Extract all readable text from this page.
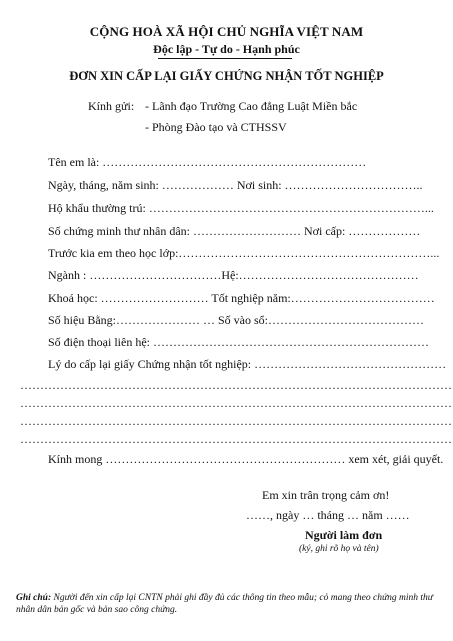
CỘNG HOÀ XÃ HỘI CHỦ NGHĨA VIỆT NAM
Độc lập - Tự do - Hạnh phúc
ĐƠN XIN CẤP LẠI GIẤY CHỨNG NHẬN TỐT NGHIỆP
Kính gửi: - Lãnh đạo Trường Cao đẳng Luật Miền bắc
- Phòng Đào tạo và CTHSSV
Tên em là: …………………………………………………………
Ngày, tháng, năm sinh: ……………… Nơi sinh: ……………………………..
Hộ khẩu thường trú: ……………………………………………………………...
Số chứng minh thư nhân dân: ……………………… Nơi cấp: ………………
Trước kia em theo học lớp:………………………………………………………...
Ngành : ……………………………Hệ:………………………………………
Khoá học: ……………………… Tốt nghiệp năm:………………………………
Số hiệu Bằng:………………… … Số vào sổ:…………………………………
Số điện thoại liên hệ: ……………………………………………………………
Lý do cấp lại giấy Chứng nhận tốt nghiệp: …………………………………………
………………………………………………………………………………………………
………………………………………………………………………………………………
………………………………………………………………………………………………
………………………………………………………………………………………………
Kính mong …………………………………………………… xem xét, giải quyết.
Em xin trân trọng cảm ơn!
……, ngày … tháng … năm ……
Người làm đơn
(ký, ghi rõ họ và tên)
Ghi chú: Người đến xin cấp lại CNTN phải ghi đầy đủ các thông tin theo mẫu; cỏ mang theo chứng minh thư nhân dân bản gốc và bản sao công chứng.
